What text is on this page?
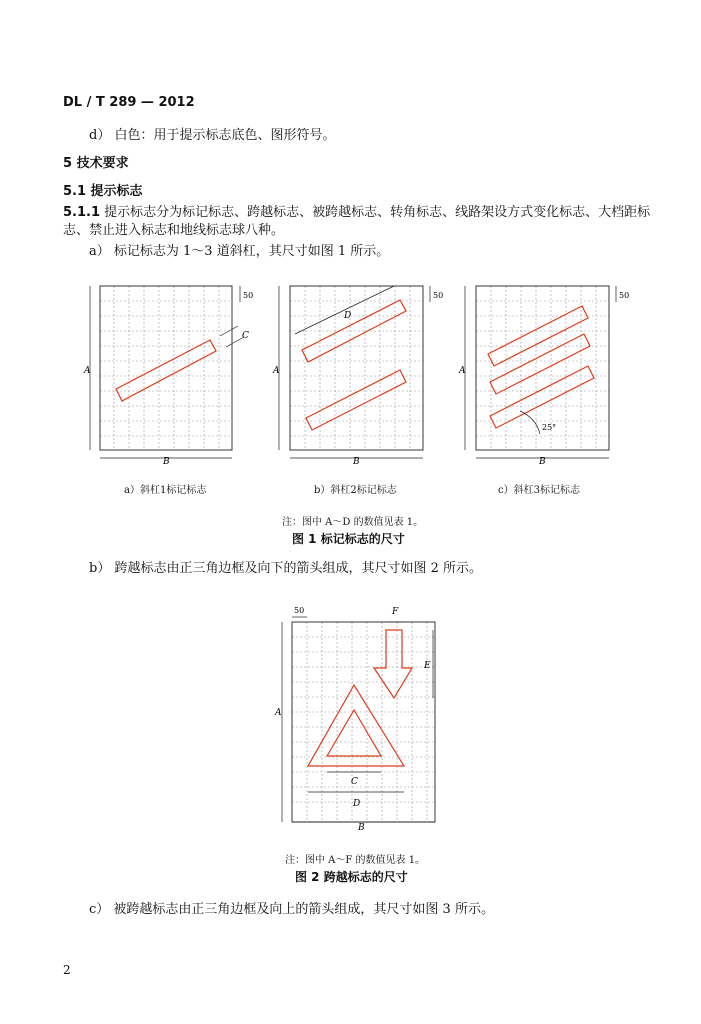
DL / T 289 — 2012
d） 白色：用于提示标志底色、图形符号。
5 技术要求
5.1 提示标志
5.1.1 提示标志分为标记标志、跨越标志、被跨越标志、转角标志、线路架设方式变化标志、大档距标
志、禁止进入标志和地线标志球八种。
a） 标记标志为 1～3 道斜杠，其尺寸如图 1 所示。
A
B
C
50
A
B
D
50
A
B
25°
50
a）斜杠1标记标志	b）斜杠2标记标志	c）斜杠3标记标志
注：图中 A～D 的数值见表 1。
图 1 标记标志的尺寸
b） 跨越标志由正三角边框及向下的箭头组成，其尺寸如图 2 所示。
A
B
C
D
E
F
50
注：图中 A～F 的数值见表 1。
图 2 跨越标志的尺寸
c） 被跨越标志由正三角边框及向上的箭头组成，其尺寸如图 3 所示。
2
